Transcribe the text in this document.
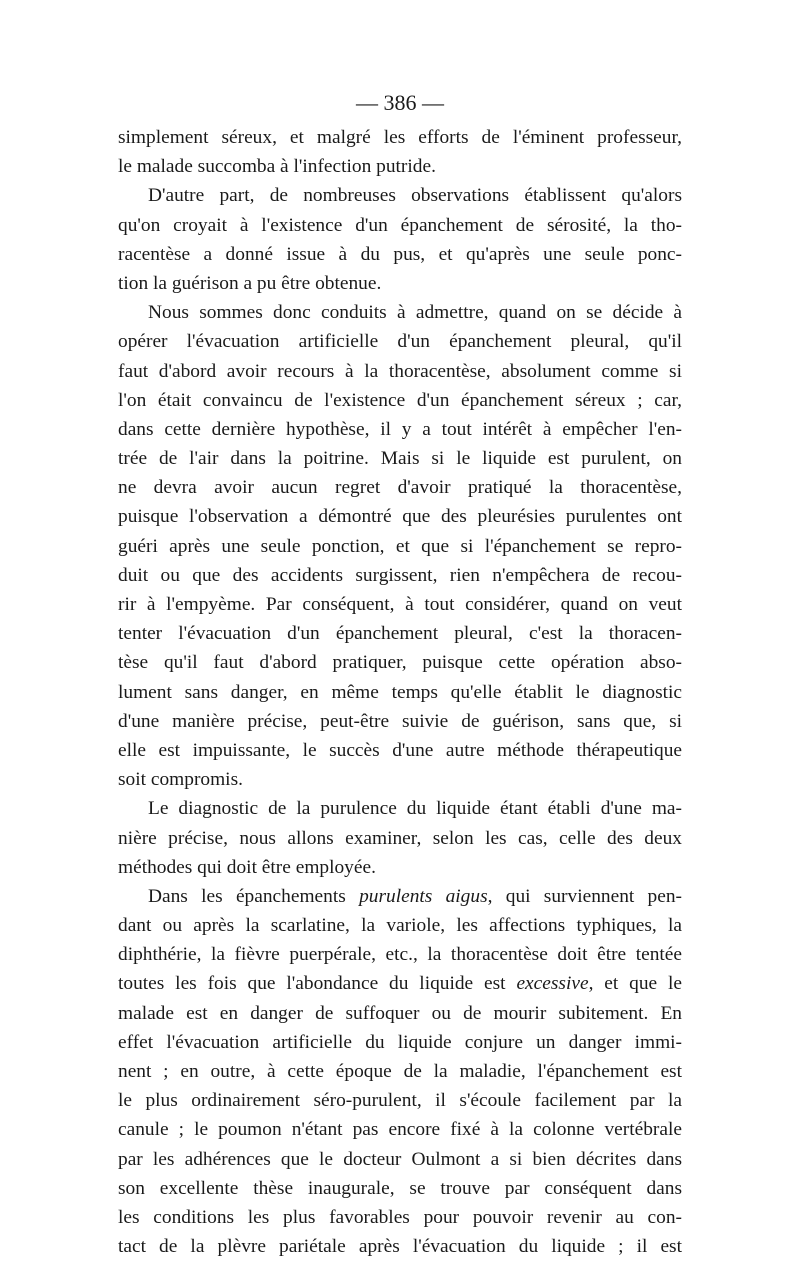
— 386 —
simplement séreux, et malgré les efforts de l'éminent professeur,
le malade succomba à l'infection putride.
D'autre part, de nombreuses observations établissent qu'alors
qu'on croyait à l'existence d'un épanchement de sérosité, la tho-
racentèse a donné issue à du pus, et qu'après une seule ponc-
tion la guérison a pu être obtenue.
Nous sommes donc conduits à admettre, quand on se décide à
opérer l'évacuation artificielle d'un épanchement pleural, qu'il
faut d'abord avoir recours à la thoracentèse, absolument comme si
l'on était convaincu de l'existence d'un épanchement séreux ; car,
dans cette dernière hypothèse, il y a tout intérêt à empêcher l'en-
trée de l'air dans la poitrine. Mais si le liquide est purulent, on
ne devra avoir aucun regret d'avoir pratiqué la thoracentèse,
puisque l'observation a démontré que des pleurésies purulentes ont
guéri après une seule ponction, et que si l'épanchement se repro-
duit ou que des accidents surgissent, rien n'empêchera de recou-
rir à l'empyème. Par conséquent, à tout considérer, quand on veut
tenter l'évacuation d'un épanchement pleural, c'est la thoracen-
tèse qu'il faut d'abord pratiquer, puisque cette opération abso-
lument sans danger, en même temps qu'elle établit le diagnostic
d'une manière précise, peut-être suivie de guérison, sans que, si
elle est impuissante, le succès d'une autre méthode thérapeutique
soit compromis.
Le diagnostic de la purulence du liquide étant établi d'une ma-
nière précise, nous allons examiner, selon les cas, celle des deux
méthodes qui doit être employée.
Dans les épanchements purulents aigus, qui surviennent pen-
dant ou après la scarlatine, la variole, les affections typhiques, la
diphthérie, la fièvre puerpérale, etc., la thoracentèse doit être tentée
toutes les fois que l'abondance du liquide est excessive, et que le
malade est en danger de suffoquer ou de mourir subitement. En
effet l'évacuation artificielle du liquide conjure un danger immi-
nent ; en outre, à cette époque de la maladie, l'épanchement est
le plus ordinairement séro-purulent, il s'écoule facilement par la
canule ; le poumon n'étant pas encore fixé à la colonne vertébrale
par les adhérences que le docteur Oulmont a si bien décrites dans
son excellente thèse inaugurale, se trouve par conséquent dans
les conditions les plus favorables pour pouvoir revenir au con-
tact de la plèvre pariétale après l'évacuation du liquide ; il est
